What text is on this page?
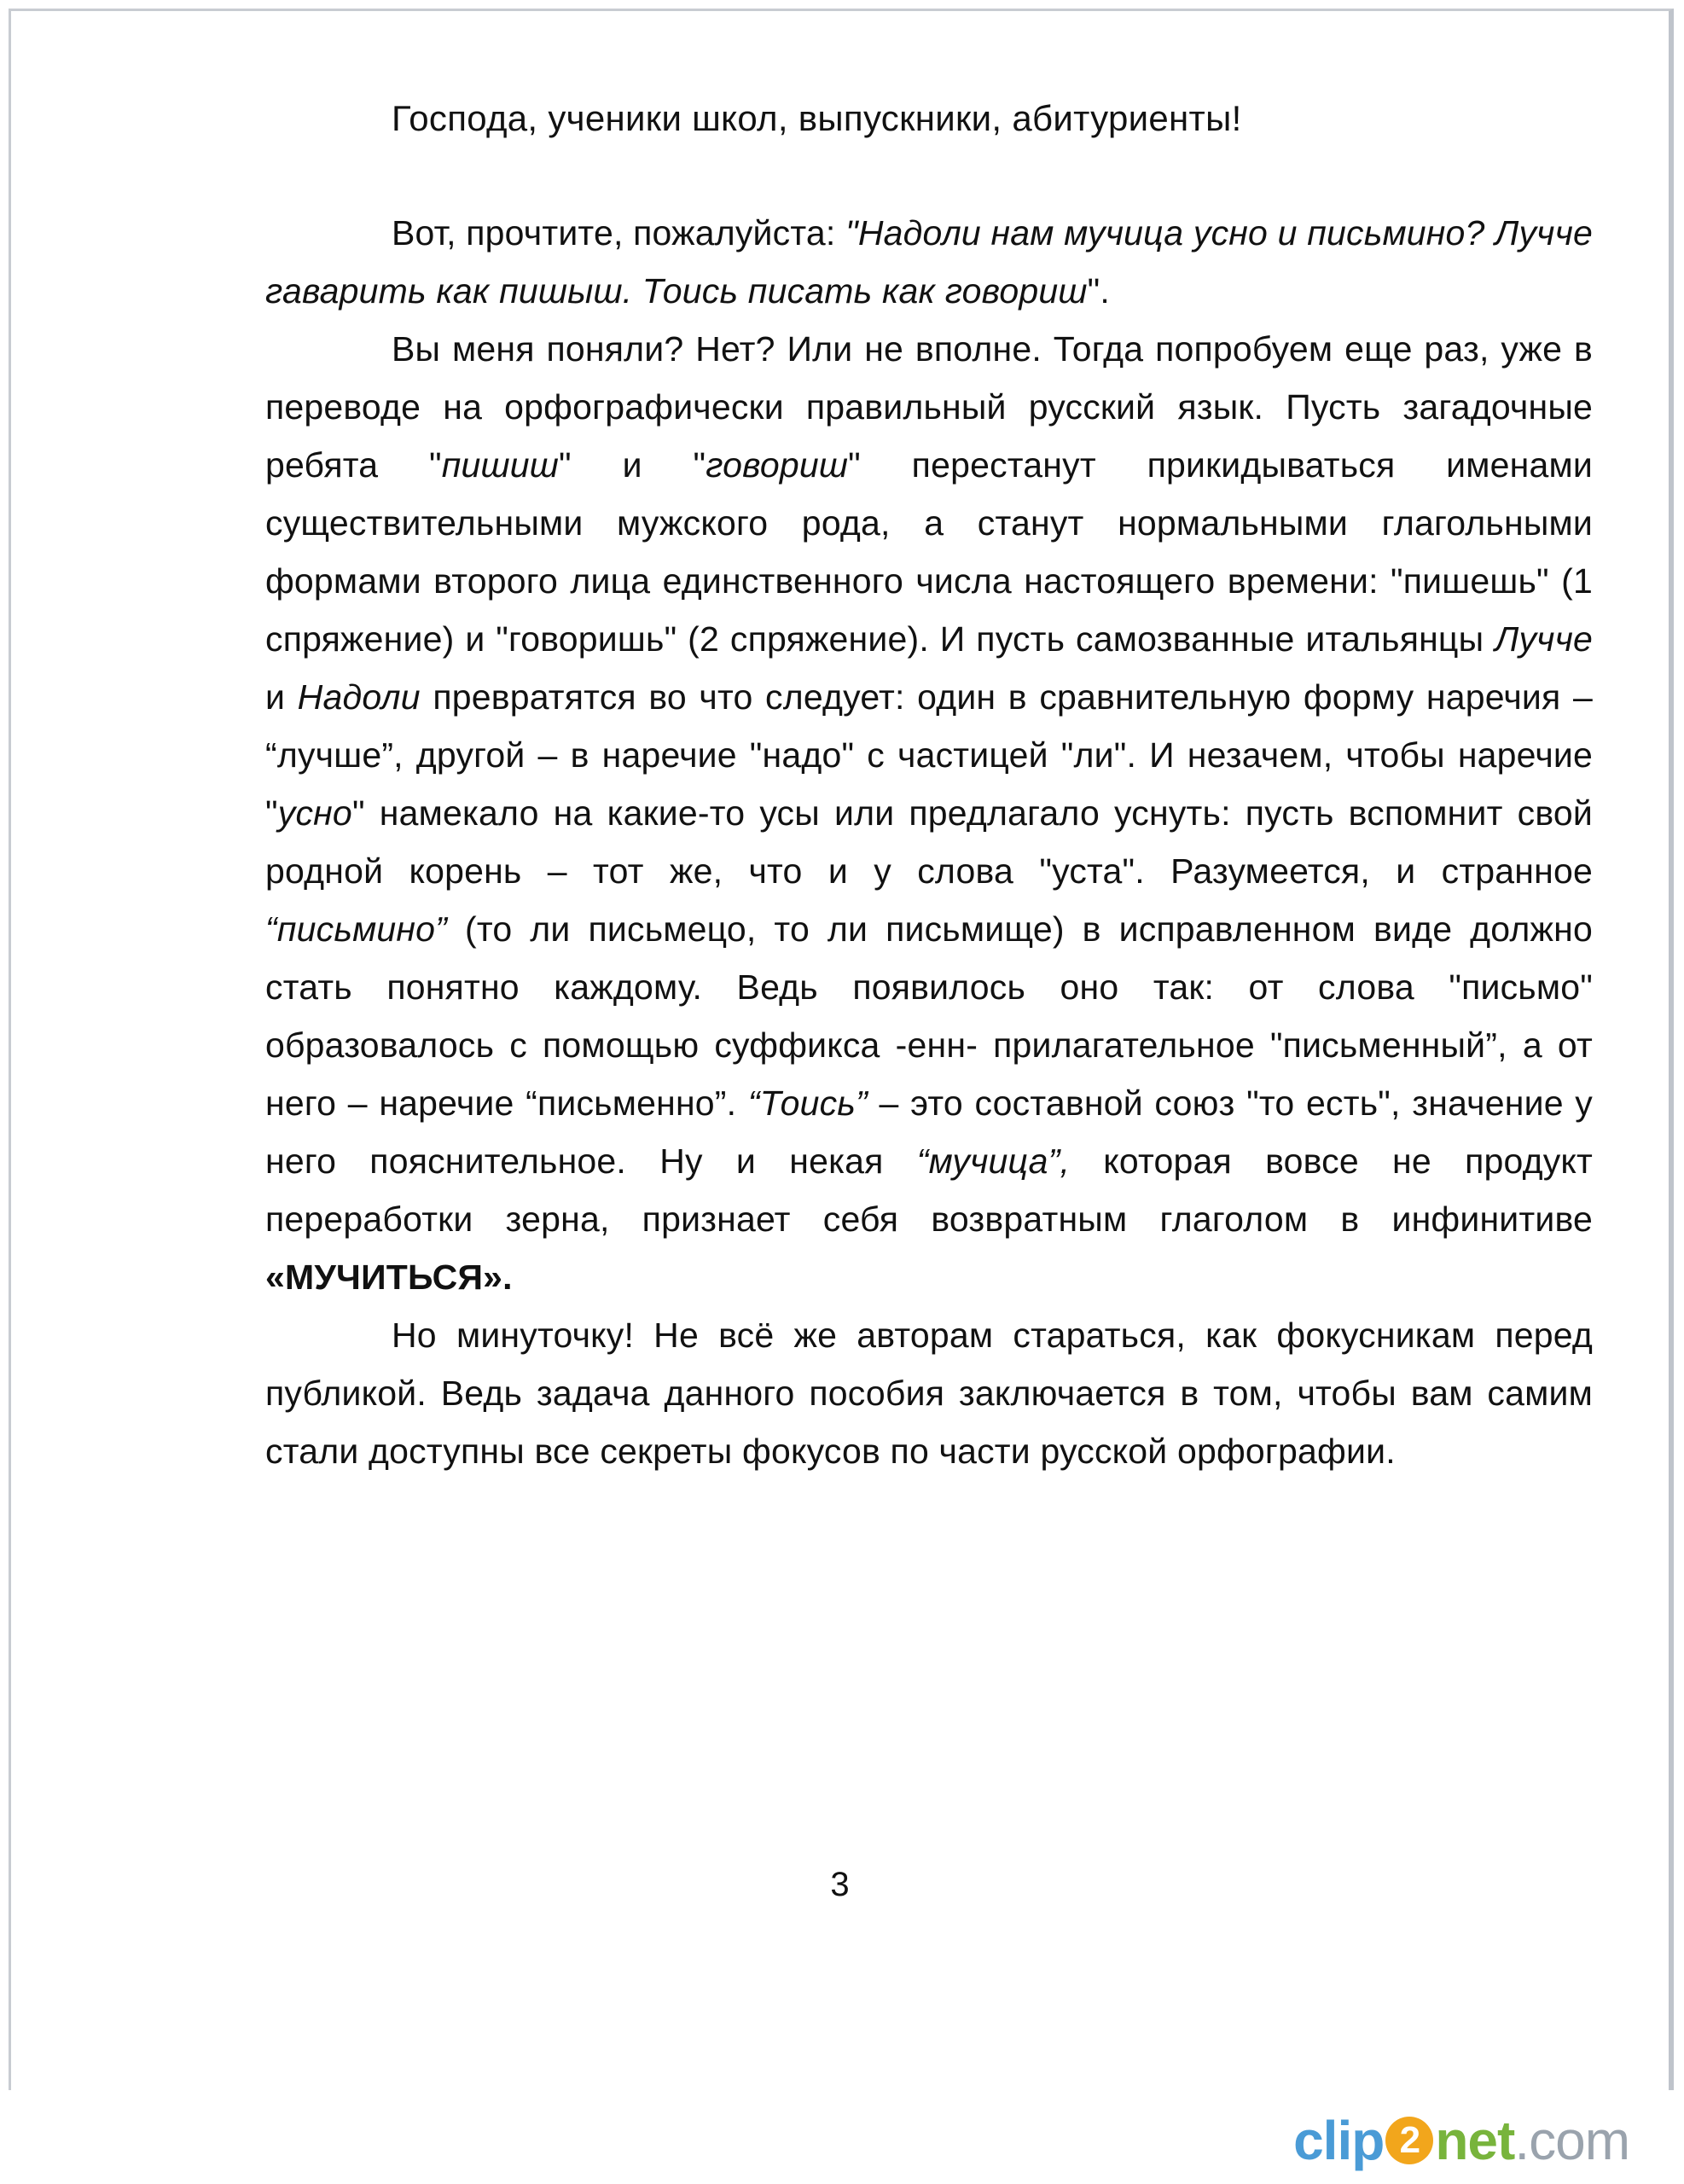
Господа, ученики школ, выпускники, абитуриенты!

Вот, прочтите, пожалуйста: "Надоли нам мучица усно и письмино? Лучче гаварить как пишыш. Тоись писать как говориш".

Вы меня поняли? Нет? Или не вполне. Тогда попробуем еще раз, уже в переводе на орфографически правильный русский язык. Пусть загадочные ребята "пишиш" и "говориш" перестанут прикидываться именами существительными мужского рода, а станут нормальными глагольными формами второго лица единственного числа настоящего времени: "пишешь" (1 спряжение) и "говоришь" (2 спряжение). И пусть самозванные итальянцы Лучче и Надоли превратятся во что следует: один в сравнительную форму наречия – “лучше”, другой – в наречие "надо" с частицей "ли". И незачем, чтобы наречие "усно" намекало на какие-то усы или предлагало уснуть: пусть вспомнит свой родной корень – тот же, что и у слова "уста". Разумеется, и странное “письмино” (то ли письмецо, то ли письмище) в исправленном виде должно стать понятно каждому. Ведь появилось оно так: от слова "письмо" образовалось с помощью суффикса -енн- прилагательное "письменный”, а от него – наречие “письменно”. “Тоись” – это составной союз "то есть", значение у него пояснительное. Ну и некая “мучица”, которая вовсе не продукт переработки зерна, признает себя возвратным глаголом в инфинитиве «МУЧИТЬСЯ».

Но минуточку! Не всё же авторам стараться, как фокусникам перед публикой. Ведь задача данного пособия заключается в том, чтобы вам самим стали доступны все секреты фокусов по части русской орфографии.

3
clip 2 net .com
